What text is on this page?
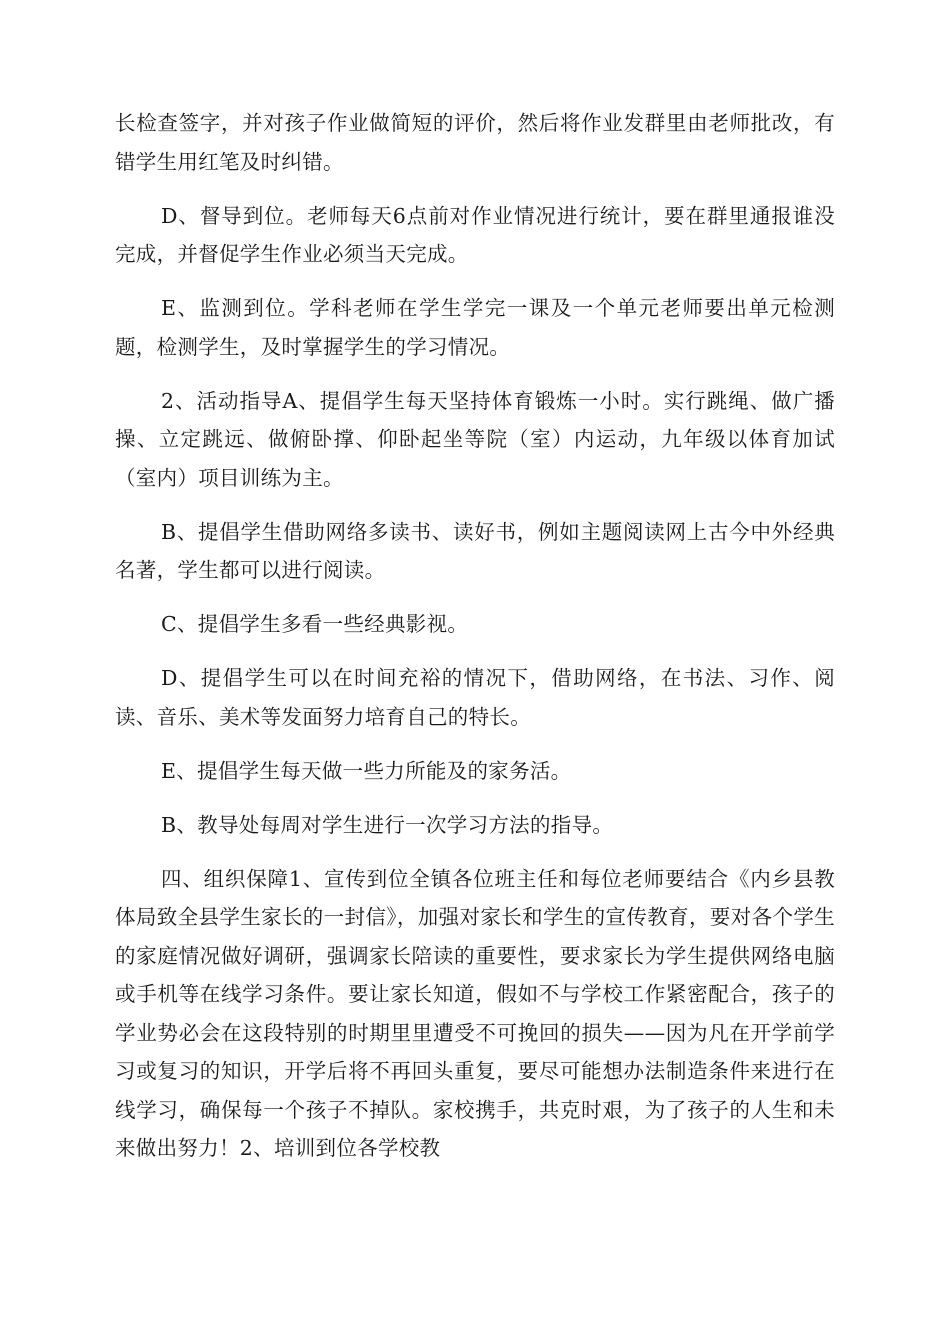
长检查签字，并对孩子作业做简短的评价，然后将作业发群里由老师批改，有错学生用红笔及时纠错。

D、督导到位。老师每天6点前对作业情况进行统计，要在群里通报谁没完成，并督促学生作业必须当天完成。

E、监测到位。学科老师在学生学完一课及一个单元老师要出单元检测题，检测学生，及时掌握学生的学习情况。

2、活动指导A、提倡学生每天坚持体育锻炼一小时。实行跳绳、做广播操、立定跳远、做俯卧撑、仰卧起坐等院（室）内运动，九年级以体育加试（室内）项目训练为主。

B、提倡学生借助网络多读书、读好书，例如主题阅读网上古今中外经典名著，学生都可以进行阅读。

C、提倡学生多看一些经典影视。

D、提倡学生可以在时间充裕的情况下，借助网络，在书法、习作、阅读、音乐、美术等发面努力培育自己的特长。

E、提倡学生每天做一些力所能及的家务活。

B、教导处每周对学生进行一次学习方法的指导。

四、组织保障1、宣传到位全镇各位班主任和每位老师要结合《内乡县教体局致全县学生家长的一封信》，加强对家长和学生的宣传教育，要对各个学生的家庭情况做好调研，强调家长陪读的重要性，要求家长为学生提供网络电脑或手机等在线学习条件。要让家长知道，假如不与学校工作紧密配合，孩子的学业势必会在这段特别的时期里里遭受不可挽回的损失——因为凡在开学前学习或复习的知识，开学后将不再回头重复，要尽可能想办法制造条件来进行在线学习，确保每一个孩子不掉队。家校携手，共克时艰，为了孩子的人生和未来做出努力！2、培训到位各学校教
